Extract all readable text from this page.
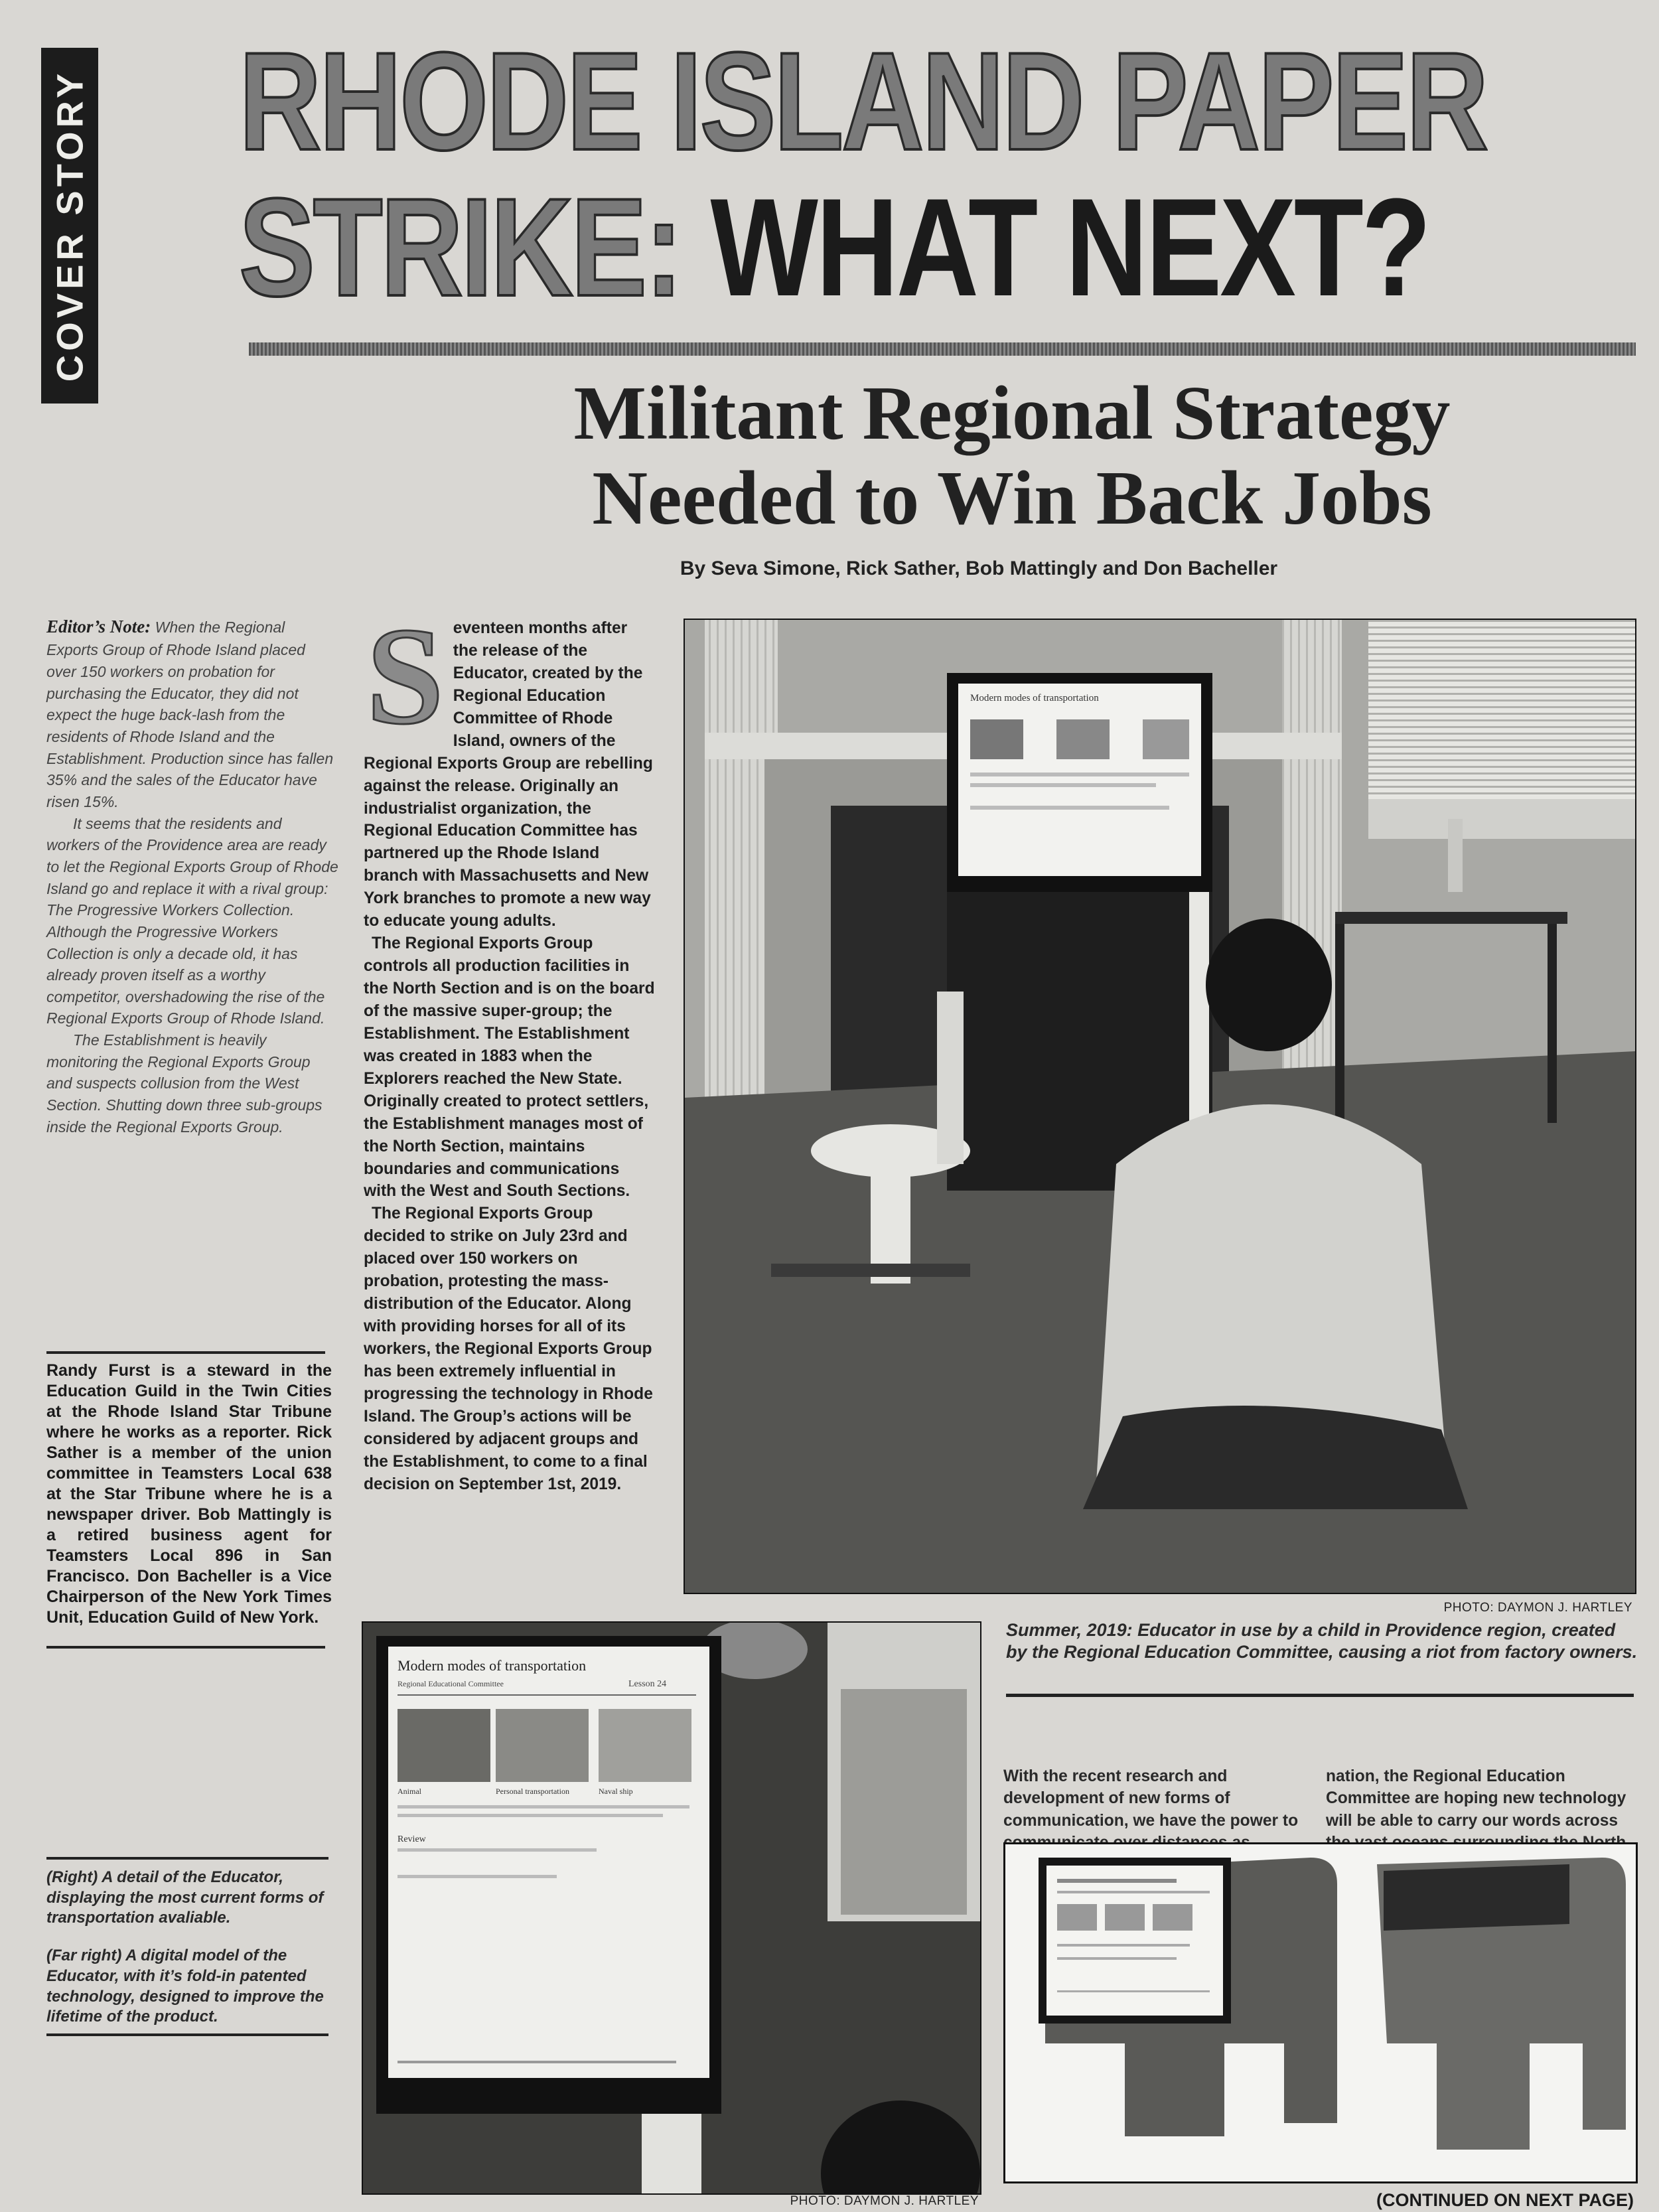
COVER STORY RHODE ISLAND PAPER
STRIKE: WHAT NEXT?
Militant Regional Strategy
Needed to Win Back Jobs
By Seva Simone, Rick Sather, Bob Mattingly and Don Bacheller

Editor’s Note: When the Regional Exports Group of Rhode Island placed over 150 workers on probation for purchasing the Educator, they did not expect the huge back-lash from the residents of Rhode Island and the Establishment. Production since has fallen 35% and the sales of the Educator have risen 15%.

It seems that the residents and workers of the Providence area are ready to let the Regional Exports Group of Rhode Island go and replace it with a rival group: The Progressive Workers Collection. Although the Progressive Workers Collection is only a decade old, it has already proven itself as a worthy competitor, overshadowing the rise of the Regional Exports Group of Rhode Island.

The Establishment is heavily monitoring the Regional Exports Group and suspects collusion from the West Section. Shutting down three sub-groups inside the Regional Exports Group.

Randy Furst is a steward in the Education Guild in the Twin Cities at the Rhode Island Star Tribune where he works as a reporter. Rick Sather is a member of the union committee in Teamsters Local 638 at the Star Tribune where he is a newspaper driver. Bob Mattingly is a retired business agent for Teamsters Local 896 in San Francisco. Don Bacheller is a Vice Chairperson of the New York Times Unit, Education Guild of New York.

Seventeen months after the release of the Educator, created by the Regional Education Committee of Rhode Island, owners of the Regional Exports Group are rebelling against the release. Originally an industrialist organization, the Regional Education Committee has partnered up the Rhode Island branch with Massachusetts and New York branches to promote a new way to educate young adults.

The Regional Exports Group controls all production facilities in the North Section and is on the board of the massive super-group; the Establishment. The Establishment was created in 1883 when the Explorers reached the New State. Originally created to protect settlers, the Establishment manages most of the North Section, maintains boundaries and communications with the West and South Sections.

The Regional Exports Group decided to strike on July 23rd and placed over 150 workers on probation, protesting the mass-distribution of the Educator. Along with providing horses for all of its workers, the Regional Exports Group has been extremely influential in progressing the technology in Rhode Island. The Group’s actions will be considered by adjacent groups and the Establishment, to come to a final decision on September 1st, 2019.

Modern modes of transportation
PHOTO: DAYMON J. HARTLEY
Summer, 2019: Educator in use by a child in Providence region, created by the Regional Education Committee, causing a riot from factory owners.

(Right) A detail of the Educator, displaying the most current forms of transportation avaliable.

(Far right) A digital model of the Educator, with it’s fold-in patented technology, designed to improve the lifetime of the product.

Modern modes of transportation
Regional Educational Committee	Lesson 24
Animal	Personal transportation	Naval ship
Review
PHOTO: DAYMON J. HARTLEY
With the recent research and development of new forms of communication, we have the power to
nation, the Regional Education Committee are hoping new technology will be able to carry our words across
(CONTINUED ON NEXT PAGE)
